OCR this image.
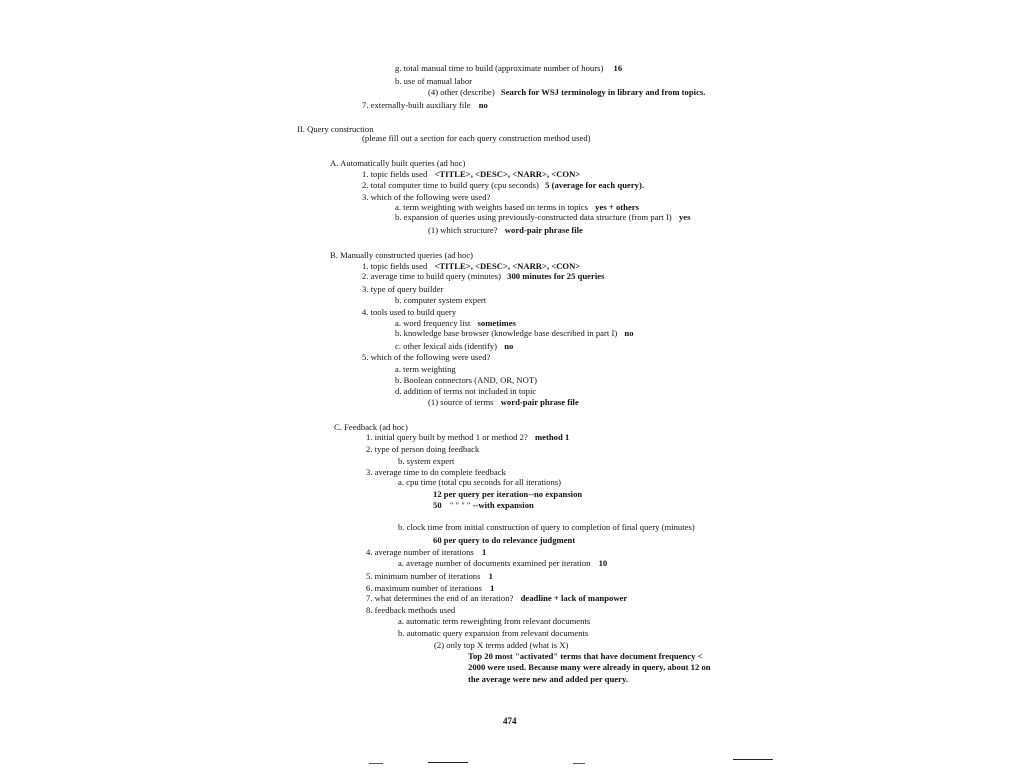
g. total manual time to build (approximate number of hours) 16
b. use of manual labor
(4) other (describe) Search for WSJ terminology in library and from topics.
7. externally-built auxiliary file no
II. Query construction
(please fill out a section for each query construction method used)
A. Automatically built queries (ad hoc)
1. topic fields used <TITLE>, <DESC>, <NARR>, <CON>
2. total computer time to build query (cpu seconds) 5 (average for each query).
3. which of the following were used?
a. term weighting with weights based on terms in topics yes + others
b. expansion of queries using previously-constructed data structure (from part I) yes
(1) which structure? word-pair phrase file
B. Manually constructed queries (ad hoc)
1. topic fields used <TITLE>, <DESC>, <NARR>, <CON>
2. average time to build query (minutes) 300 minutes for 25 queries
3. type of query builder
b. computer system expert
4. tools used to build query
a. word frequency list sometimes
b. knowledge base browser (knowledge base described in part I) no
c. other lexical aids (identify) no
5. which of the following were used?
a. term weighting
b. Boolean connectors (AND, OR, NOT)
d. addition of terms not included in topic
(1) source of terms word-pair phrase file
C. Feedback (ad hoc)
1. initial query built by method 1 or method 2? method 1
2. type of person doing feedback
b. system expert
3. average time to do complete feedback
a. cpu time (total cpu seconds for all iterations)
12 per query per iteration--no expansion
50 " " " " --with expansion
b. clock time from initial construction of query to completion of final query (minutes)
60 per query to do relevance judgment
4. average number of iterations 1
a. average number of documents examined per iteration 10
5. minimum number of iterations 1
6. maximum number of iterations 1
7. what determines the end of an iteration? deadline + lack of manpower
8. feedback methods used
a. automatic term reweighting from relevant documents
b. automatic query expansion from relevant documents
(2) only top X terms added (what is X)
Top 20 most "activated" terms that have document frequency <
2000 were used. Because many were already in query, about 12 on
the average were new and added per query.
474
